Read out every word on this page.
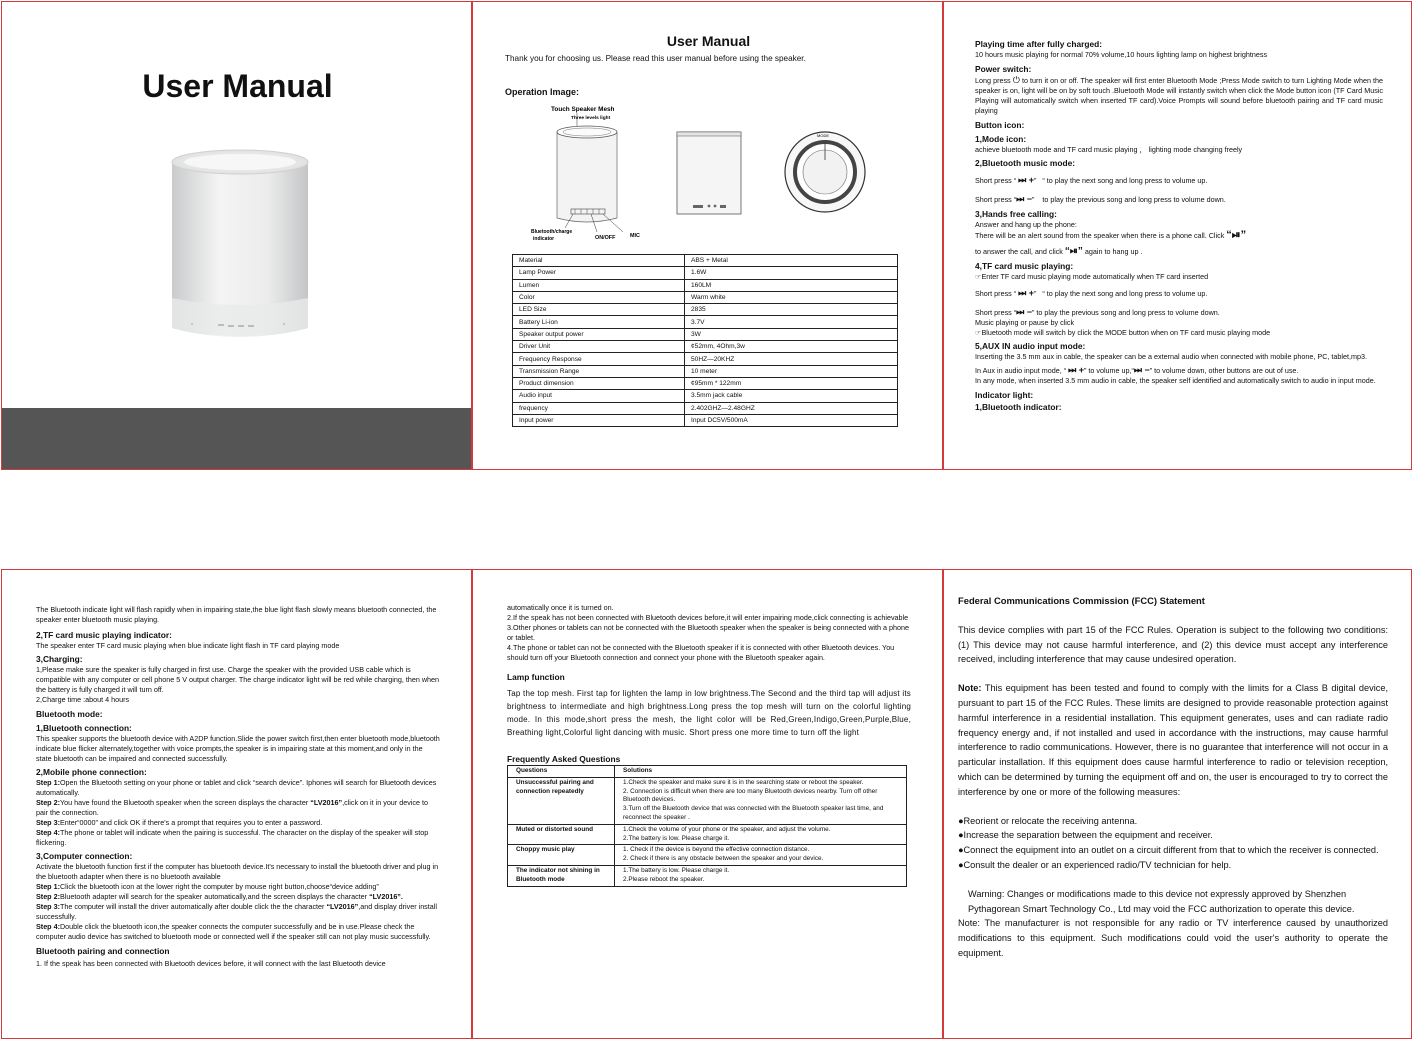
User Manual
User Manual
Thank you for choosing us. Please read this user manual before using the speaker.
Operation Image:
Touch Speaker Mesh
Three levels light
Bluetooth/charge
indicator	ON/OFF	MIC
MODE
Material	ABS + Metal
Lamp Power	1.6W
Lumen	160LM
Color	Warm white
LED Size	2835
Battery Li-ion	3.7V
Speaker output power	3W
Driver Unit	¢52mm, 4Ohm,3w
Frequency Response	50HZ—20KHZ
Transmission Range	10 meter
Product dimension	¢95mm * 122mm
Audio input	3.5mm jack cable
frequency	2.402GHZ—2.48GHZ
Input power	Input DC5V/500mA
Playing time after fully charged:
10 hours music playing for normal 70% volume,10 hours lighting lamp on highest brightness
Power switch:
Long press ⏻ to turn it on or off. The speaker will first enter Bluetooth Mode ;Press Mode switch to turn Lighting Mode when the speaker is on, light will be on by soft touch .Bluetooth Mode will instantly switch when click the Mode button icon (TF Card Music Playing will automatically switch when inserted TF card).Voice Prompts will sound before bluetooth pairing and TF card music playing
Button icon:
1,Mode icon:
achieve bluetooth mode and TF card music playing ， lighting mode changing freely
2,Bluetooth music mode:
Short press “ ⏭ +”   “ to play the next song and long press to volume up.
Short press “⏭ −”    to play the previous song and long press to volume down.
3,Hands free calling:
Answer and hang up the phone:
There will be an alert sound from the speaker when there is a phone call. Click “⏯”
to answer the call, and click “⏯” again to hang up .
4,TF card music playing:
☞Enter TF card music playing mode automatically when TF card inserted
Short press “ ⏭ +”   “ to play the next song and long press to volume up.
Short press “⏭ −” to play the previous song and long press to volume down.
Music playing or pause by click
☞Bluetooth mode will switch by click the MODE button when on TF card music playing mode
5,AUX IN audio input mode:
Inserting the 3.5 mm aux in cable, the speaker can be a external audio when connected with mobile phone, PC, tablet,mp3.
In Aux in audio input mode, “ ⏭ +” to volume up,“⏭ −” to volume down, other buttons are out of use.
In any mode, when inserted 3.5 mm audio in cable, the speaker self identified and automatically switch to audio in input mode.
Indicator light:
1,Bluetooth indicator:
The Bluetooth indicate light will flash rapidly when in impairing state,the blue light flash slowly means bluetooth connected, the speaker enter bluetooth music playing.
2,TF card music playing indicator:
The speaker enter TF card music playing when blue indicate light flash in TF card playing mode
3,Charging:
1,Please make sure the speaker is fully charged in first use. Charge the speaker with the provided USB cable which is compatible with any computer or cell phone 5 V output charger. The charge indicator light will be red while charging, then when the battery is fully charged it will turn off.
2,Charge time :about 4 hours
Bluetooth mode:
1,Bluetooth connection:
This speaker supports the bluetooth device with A2DP function.Slide the power switch first,then enter bluetooth mode,bluetooth indicate blue flicker alternately,together with voice prompts,the speaker is in impairing state at this moment,and only in the state bluetooth can be impaired and connected successfully.
2,Mobile phone connection:
Step 1:Open the Bluetooth setting on your phone or tablet and click “search device”. Iphones will search for Bluetooth devices automatically.
Step 2:You have found the Bluetooth speaker when the screen displays the character “LV2016”,click on it in your device to pair the connection.
Step 3:Enter“0000” and click OK if there's a prompt that requires you to enter a password.
Step 4:The phone or tablet will indicate when the pairing is successful. The character on the display of the speaker will stop flickering.
3,Computer connection:
Activate the bluetooth function first if the computer has bluetooth device.It's necessary to install the bluetooth driver and plug in the bluetooth adapter when there is no bluetooth available
Step 1:Click the bluetooth icon at the lower right the computer by mouse right button,choose“device adding”
Step 2:Bluetooth adapter will search for the speaker automatically,and the screen displays the character “LV2016”.
Step 3:The computer will install the driver automatically after double click the the character “LV2016”,and display driver install successfully.
Step 4:Double click the bluetooth icon,the speaker connects the computer successfully and be in use.Please check the computer audio device has switched to bluetooth mode or connected well if the speaker still can not play music successfully.
Bluetooth pairing and connection
1. If the speak has been connected with Bluetooth devices before, it will connect with the last Bluetooth device
automatically once it is turned on.
2.If the speak has not been connected with Bluetooth devices before,it will enter impairing mode,click connecting is achievable
3.Other phones or tablets can not be connected with the Bluetooth speaker when the speaker is being connected with a phone or tablet.
4.The phone or tablet can not be connected with the Bluetooth speaker if it is connected with other Bluetooth devices. You should turn off your Bluetooth connection and connect your phone with the Bluetooth speaker again.
Lamp function
Tap the top mesh. First tap for lighten the lamp in low brightness.The Second and the third tap will adjust its brightness to intermediate and high brightness.Long press the top mesh will turn on the colorful lighting mode. In this mode,short press the mesh, the light color will be Red,Green,Indigo,Green,Purple,Blue, Breathing light,Colorful light dancing with music. Short press one more time to turn off the light
Frequently Asked Questions
Questions	Solutions
Unsuccessful pairing and connection repeatedly	1.Check the speaker and make sure it is in the searching state or reboot the speaker.
2. Connection is difficult when there are too many Bluetooth devices nearby. Turn off other Bluetooth devices.
3.Turn off the Bluetooth device that was connected with the Bluetooth speaker last time, and reconnect the speaker .

Muted or distorted sound	1.Check the volume of your phone or the speaker, and adjust the volume.
2.The battery is low. Please charge it.

Choppy music play	1. Check if the device is beyond the effective connection distance.
2. Check if there is any obstacle between the speaker and your device.

The indicator not shining in Bluetooth mode	1.The battery is low. Please charge it.
2.Please reboot the speaker.
Federal Communications Commission (FCC) Statement

This device complies with part 15 of the FCC Rules. Operation is subject to the following two conditions: (1) This device may not cause harmful interference, and (2) this device must accept any interference received, including interference that may cause undesired operation.

Note: This equipment has been tested and found to comply with the limits for a Class B digital device, pursuant to part 15 of the FCC Rules. These limits are designed to provide reasonable protection against harmful interference in a residential installation. This equipment generates, uses and can radiate radio frequency energy and, if not installed and used in accordance with the instructions, may cause harmful interference to radio communications. However, there is no guarantee that interference will not occur in a particular installation. If this equipment does cause harmful interference to radio or television reception, which can be determined by turning the equipment off and on, the user is encouraged to try to correct the interference by one or more of the following measures:

●Reorient or relocate the receiving antenna.

●Increase the separation between the equipment and receiver.

●Connect the equipment into an outlet on a circuit different from that to which the receiver is connected.

●Consult the dealer or an experienced radio/TV technician for help.

Warning: Changes or modifications made to this device not expressly approved by Shenzhen Pythagorean Smart Technology Co., Ltd may void the FCC authorization to operate this device.

Note: The manufacturer is not responsible for any radio or TV interference caused by unauthorized modifications to this equipment. Such modifications could void the user's authority to operate the equipment.
